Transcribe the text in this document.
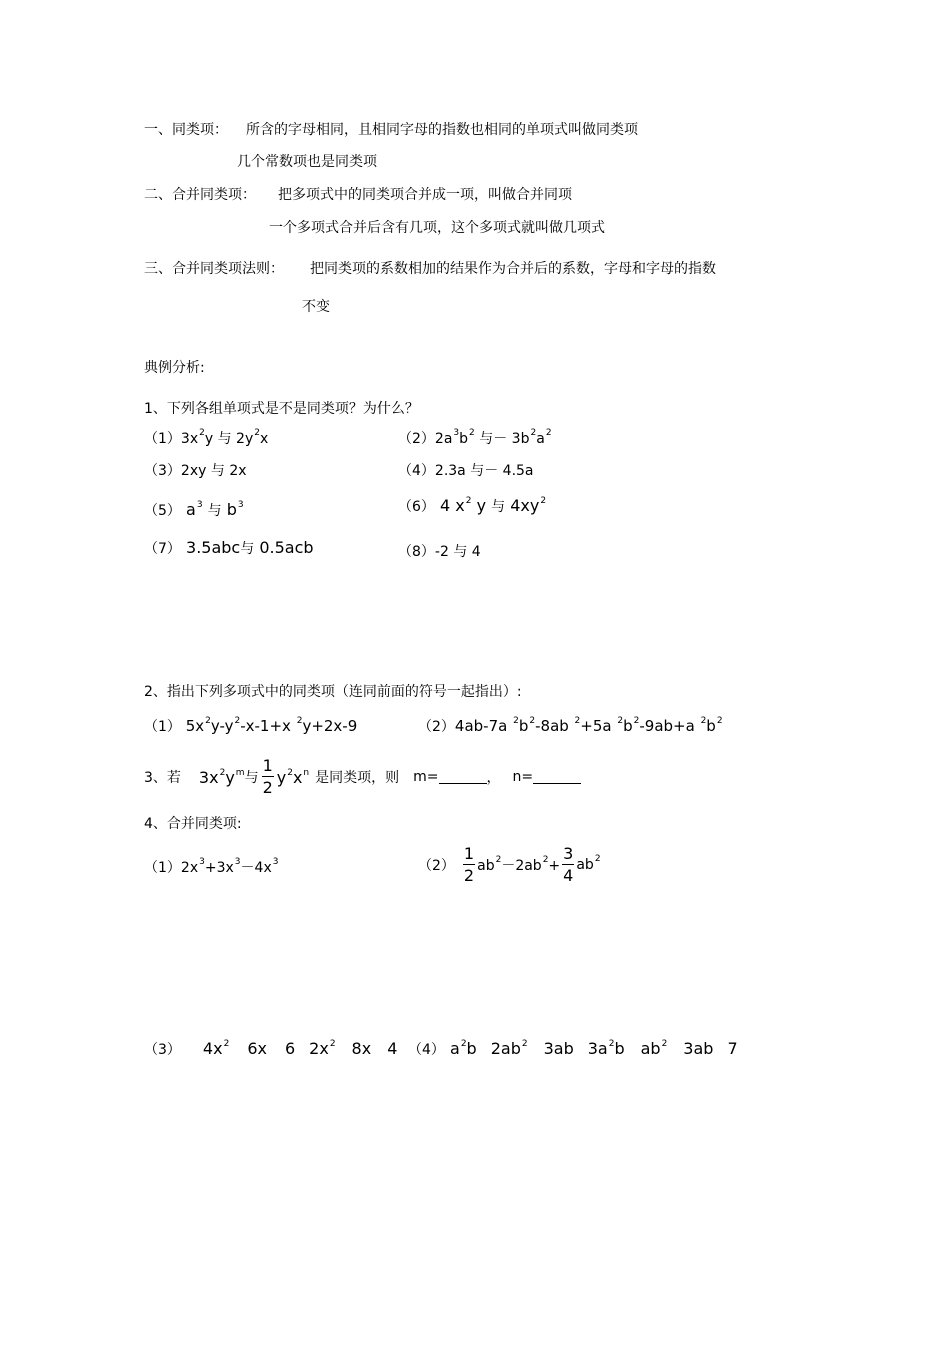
一、同类项： 所含的字母相同，且相同字母的指数也相同的单项式叫做同类项
几个常数项也是同类项
二、合并同类项： 把多项式中的同类项合并成一项，叫做合并同项
一个多项式合并后含有几项，这个多项式就叫做几项式
三、合并同类项法则： 把同类项的系数相加的结果作为合并后的系数，字母和字母的指数
不变
典例分析:
1、下列各组单项式是不是同类项？为什么？
$(1)3x^2y$ 与 $2y^2x$	$(2)2a^3b^2$ 与－ $3b^2a^2$
（3）2xy 与 2x	（4）2.3a 与－ 4.5a
（5） $a^3$ 与 $b^3$	（6） 4 $x^2$ y 与 $4xy^2$
（7） 3.5abc与 0.5acb	（8）-2 与 4
2、指出下列多项式中的同类项（连同前面的符号一起指出）:
（1） $5x^2y-y^2-x-1+x$ $^2$y+2x-9	（2）4ab-7a $^2b^2-8ab$ $^2$+5a $^2b^2-9ab+a$ $^2b^2$
3、若 $3x^2y^m$ 与 $\frac{1}{2} y^2x^n$ 是同类项，则 m=	， n=
4、合并同类项:
$(1)2x^3+3x^3-4x^3$	$(2) \frac{1}{2} ab^2-2ab^2+ \frac{3}{4} ab^2$
（3） $4x^2$ 6x 6 $2x^2$ 8x 4 （4） $a^2b$ $2ab^2$ 3ab $3a^2b$ $ab^2$ 3ab 7
